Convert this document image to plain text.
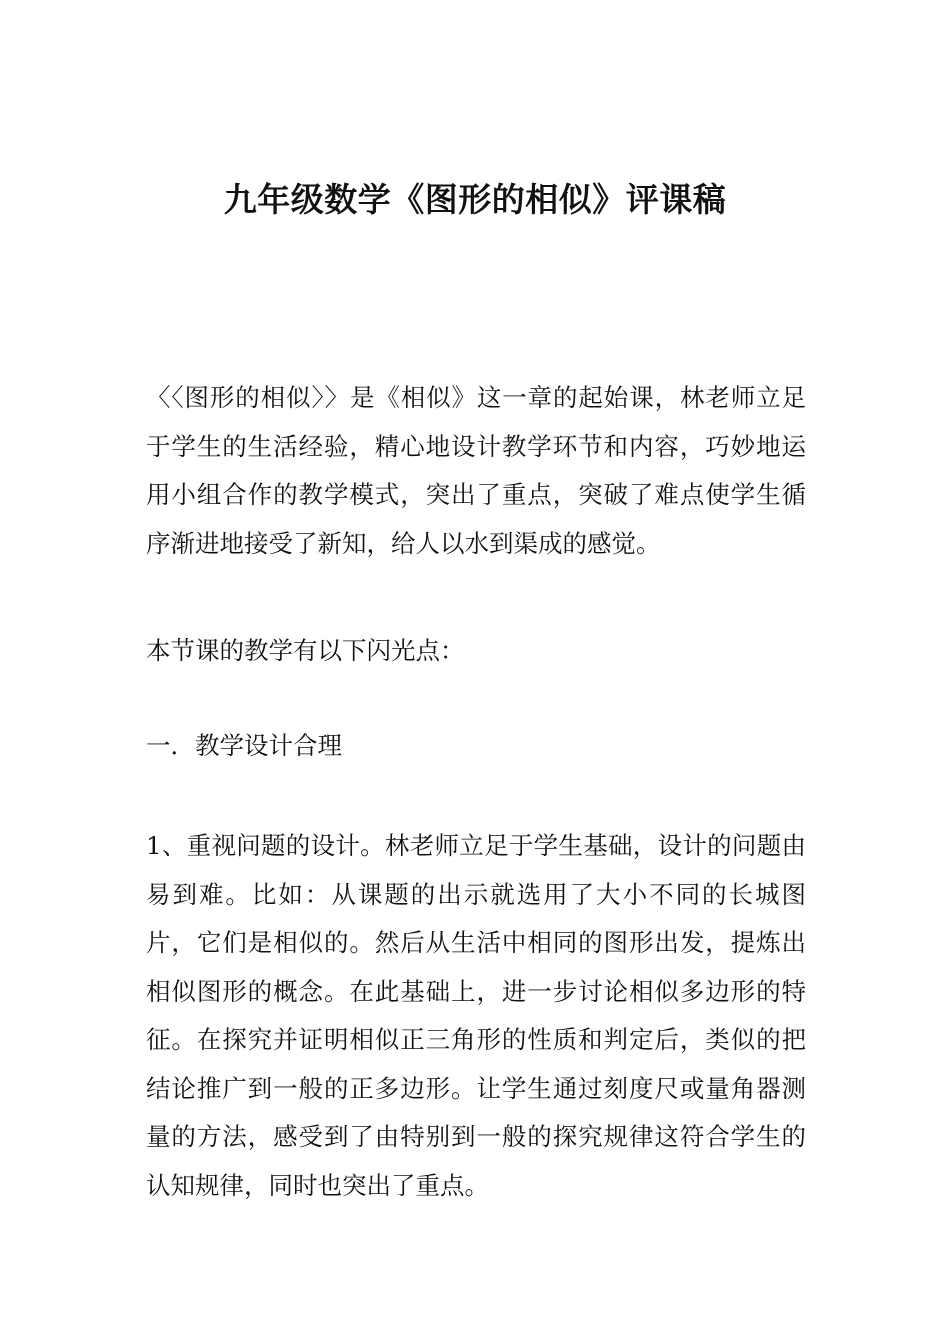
九年级数学《图形的相似》评课稿

〈〈图形的相似〉〉是《相似》这一章的起始课，林老师立足于学生的生活经验，精心地设计教学环节和内容，巧妙地运用小组合作的教学模式，突出了重点，突破了难点使学生循序渐进地接受了新知，给人以水到渠成的感觉。

本节课的教学有以下闪光点：

一．教学设计合理

1、重视问题的设计。林老师立足于学生基础，设计的问题由易到难。比如：从课题的出示就选用了大小不同的长城图片，它们是相似的。然后从生活中相同的图形出发，提炼出相似图形的概念。在此基础上，进一步讨论相似多边形的特征。在探究并证明相似正三角形的性质和判定后，类似的把结论推广到一般的正多边形。让学生通过刻度尺或量角器测量的方法，感受到了由特别到一般的探究规律这符合学生的认知规律，同时也突出了重点。
